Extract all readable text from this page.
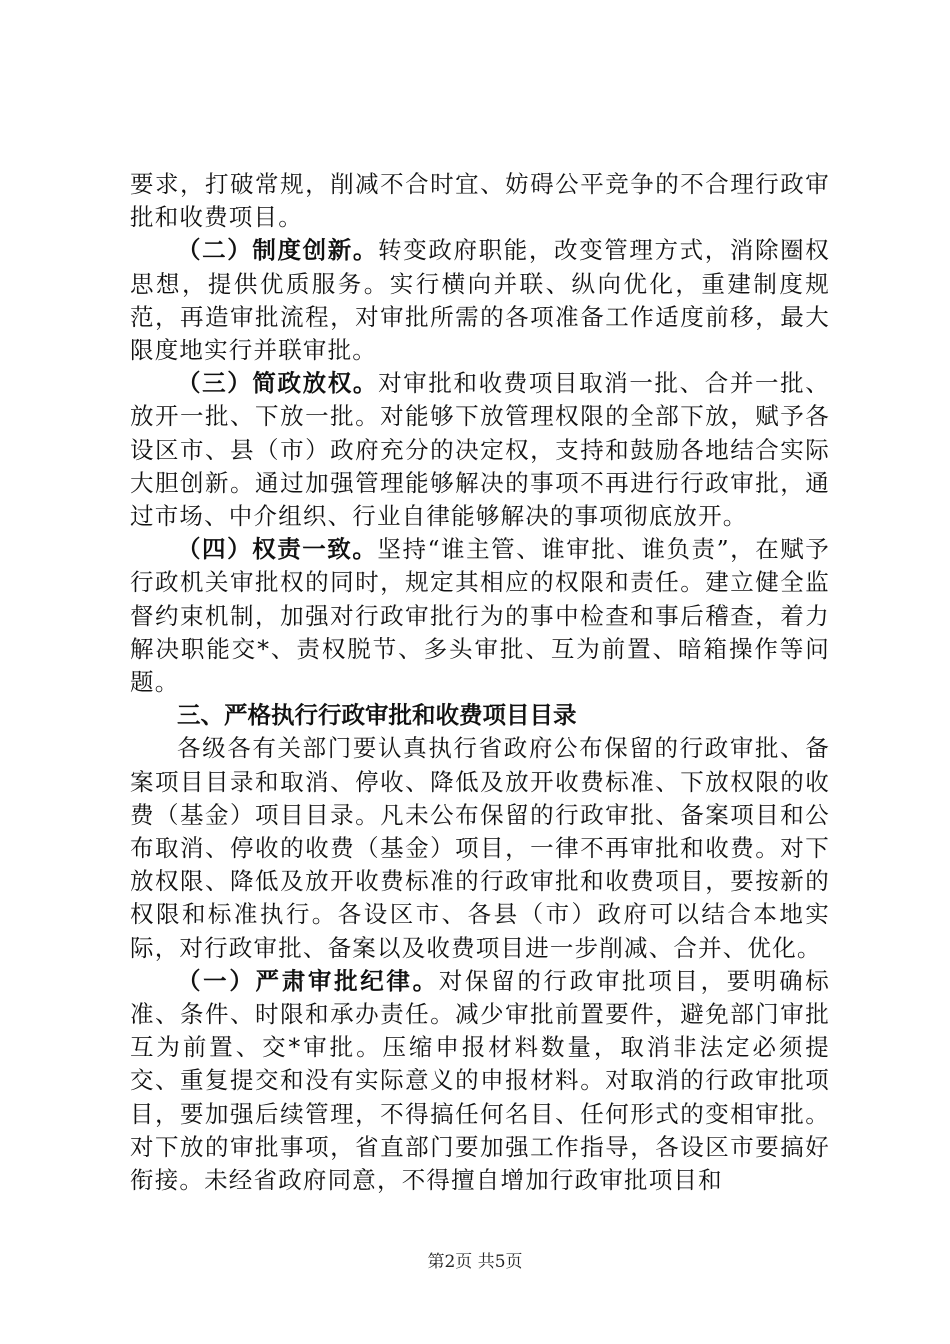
要求，打破常规，削减不合时宜、妨碍公平竞争的不合理行政审批和收费项目。

（二）制度创新。转变政府职能，改变管理方式，消除圈权思想，提供优质服务。实行横向并联、纵向优化，重建制度规范，再造审批流程，对审批所需的各项准备工作适度前移，最大限度地实行并联审批。

（三）简政放权。对审批和收费项目取消一批、合并一批、放开一批、下放一批。对能够下放管理权限的全部下放，赋予各设区市、县（市）政府充分的决定权，支持和鼓励各地结合实际大胆创新。通过加强管理能够解决的事项不再进行行政审批，通过市场、中介组织、行业自律能够解决的事项彻底放开。

（四）权责一致。坚持“谁主管、谁审批、谁负责”，在赋予行政机关审批权的同时，规定其相应的权限和责任。建立健全监督约束机制，加强对行政审批行为的事中检查和事后稽查，着力解决职能交*、责权脱节、多头审批、互为前置、暗箱操作等问题。

三、严格执行行政审批和收费项目目录

各级各有关部门要认真执行省政府公布保留的行政审批、备案项目目录和取消、停收、降低及放开收费标准、下放权限的收费（基金）项目目录。凡未公布保留的行政审批、备案项目和公布取消、停收的收费（基金）项目，一律不再审批和收费。对下放权限、降低及放开收费标准的行政审批和收费项目，要按新的权限和标准执行。各设区市、各县（市）政府可以结合本地实际，对行政审批、备案以及收费项目进一步削减、合并、优化。

（一）严肃审批纪律。对保留的行政审批项目，要明确标准、条件、时限和承办责任。减少审批前置要件，避免部门审批互为前置、交*审批。压缩申报材料数量，取消非法定必须提交、重复提交和没有实际意义的申报材料。对取消的行政审批项目，要加强后续管理，不得搞任何名目、任何形式的变相审批。对下放的审批事项，省直部门要加强工作指导，各设区市要搞好衔接。未经省政府同意，不得擅自增加行政审批项目和

第2页 共5页
